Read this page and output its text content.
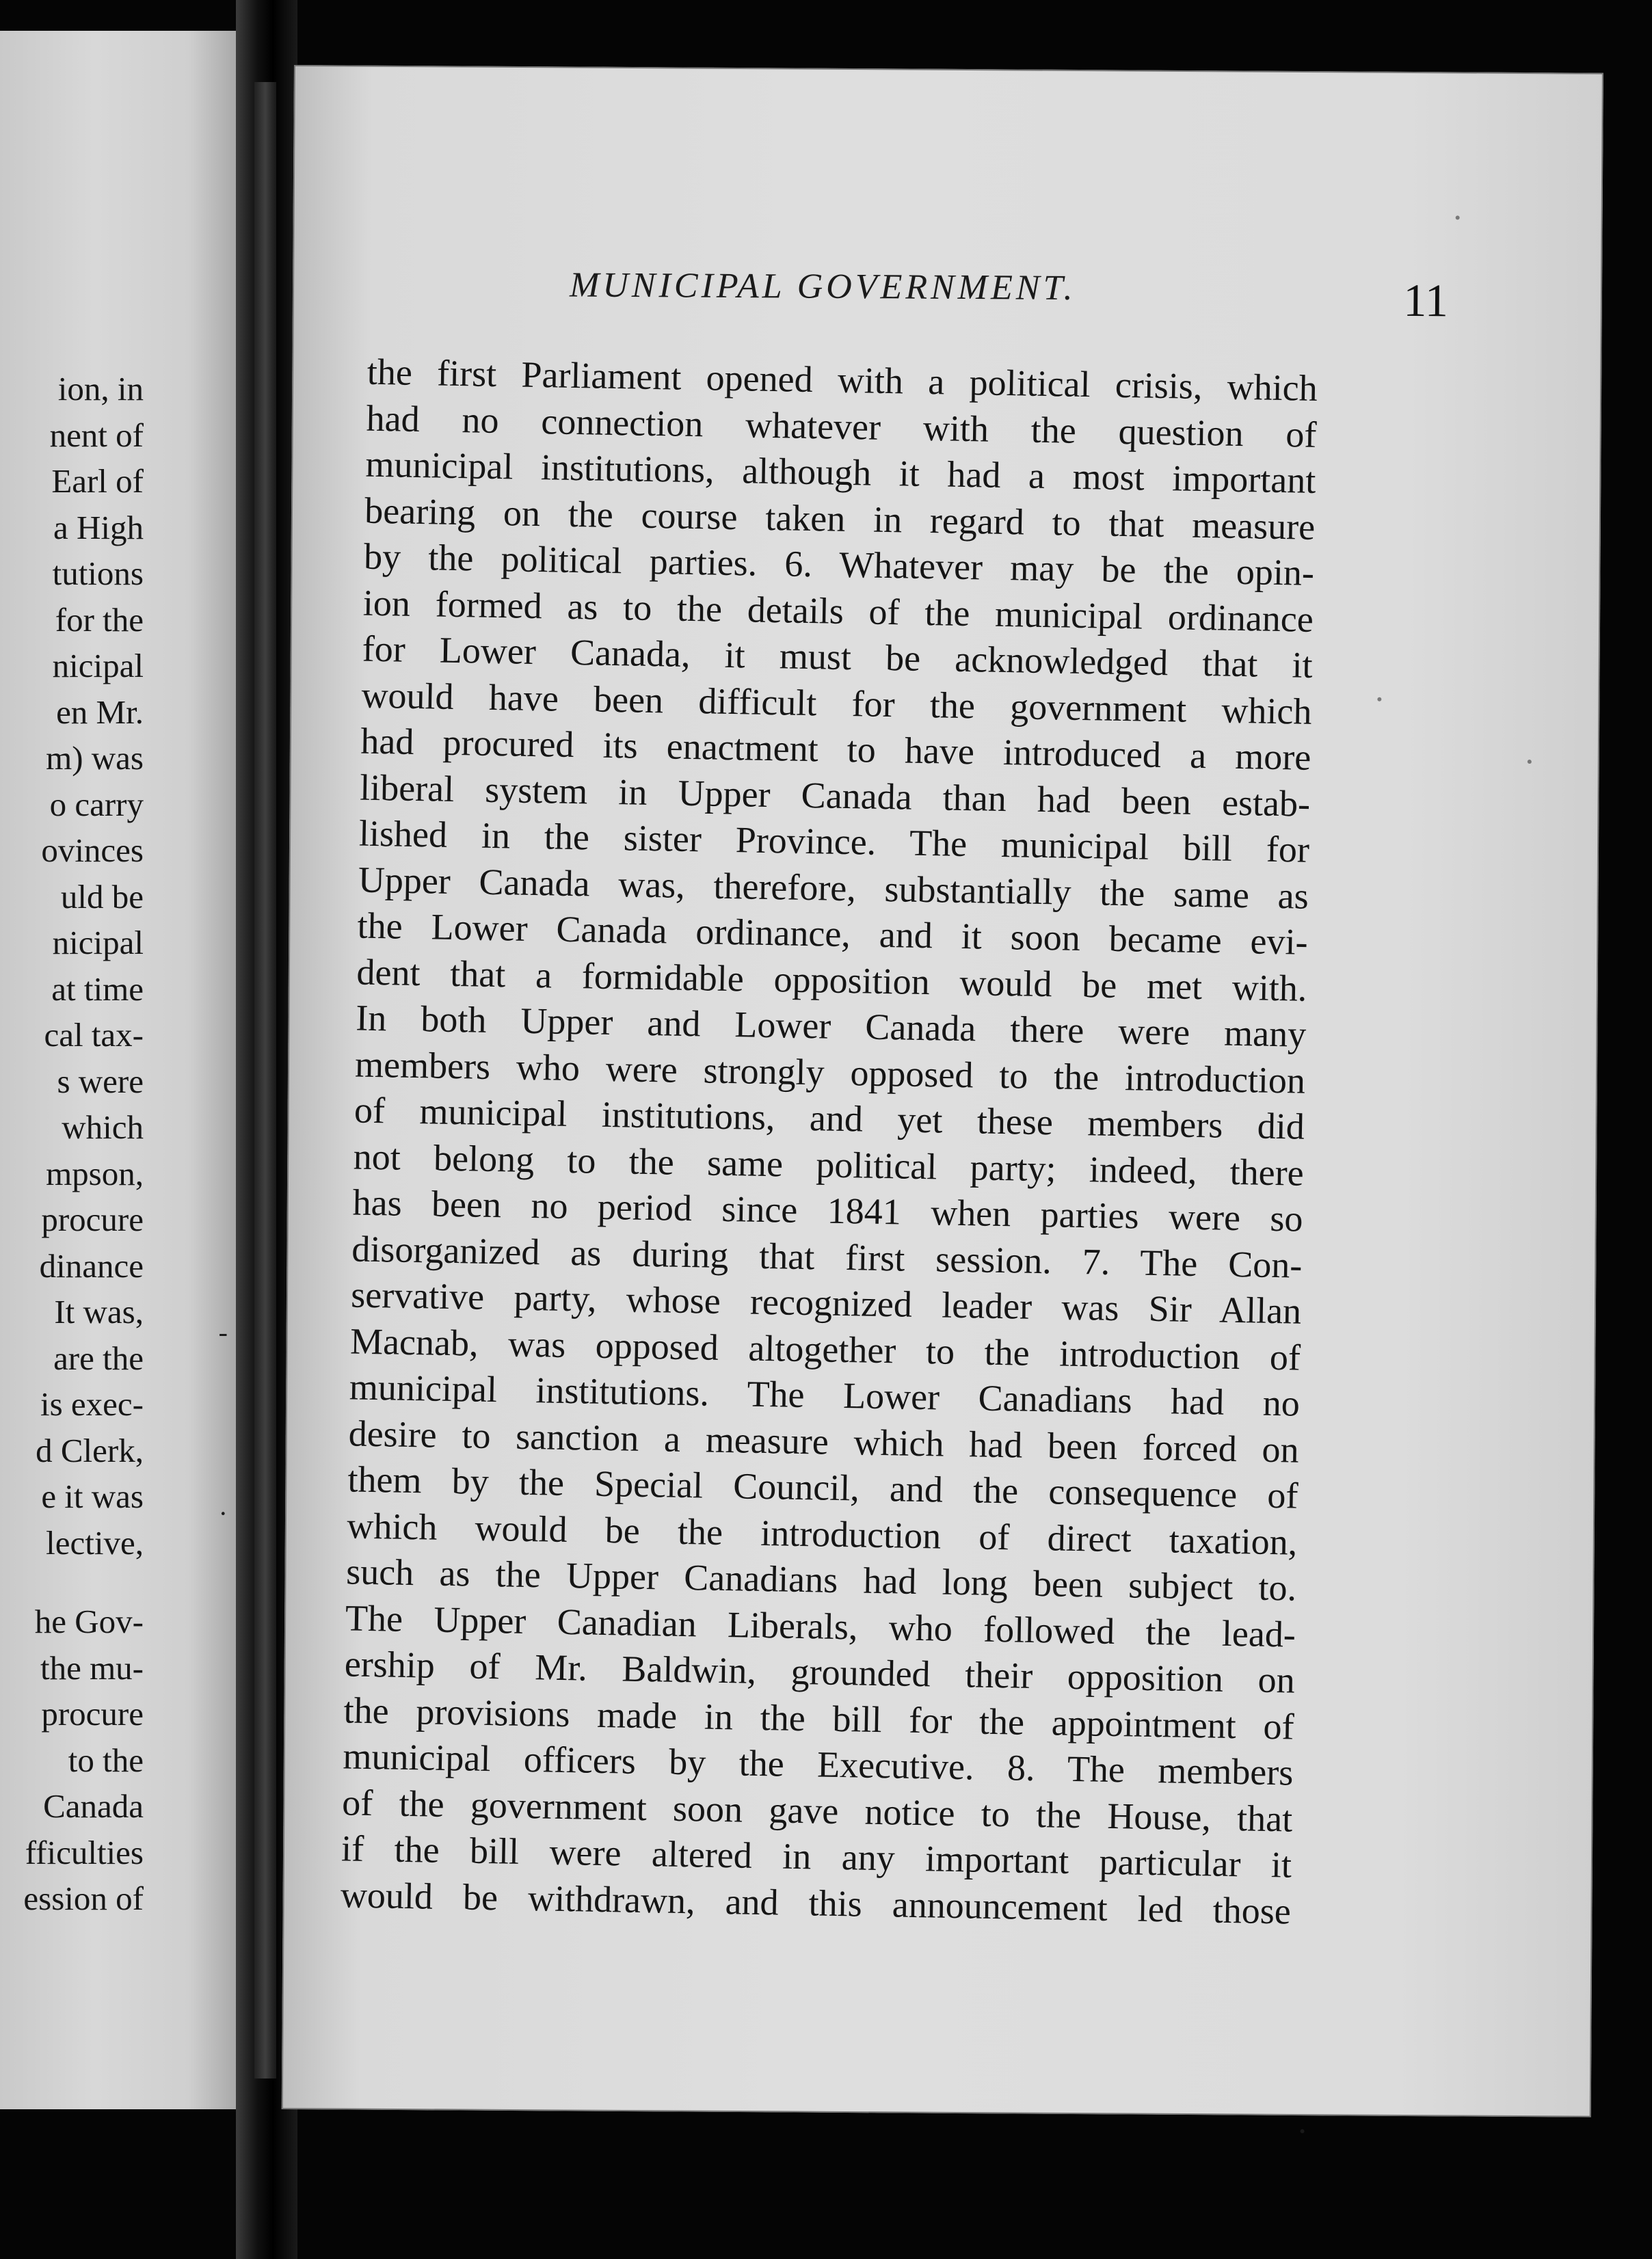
ion, in
nent of
Earl of
a High
tutions
for the
nicipal
en Mr.
m) was
o carry
ovinces
uld be
nicipal
at time
cal tax-
s were
which
mpson,
procure
dinance
It was,
are the
is exec-
d Clerk,
e it was
lective,
he Gov-
the mu-
procure
to the
Canada
fficulties
ession of
-
·
MUNICIPAL GOVERNMENT.	11
the first Parliament opened with a political crisis, which
had no connection whatever with the question of
municipal institutions, although it had a most important
bearing on the course taken in regard to that measure
by the political parties. 6. Whatever may be the opin-
ion formed as to the details of the municipal ordinance
for Lower Canada, it must be acknowledged that it
would have been difficult for the government which
had procured its enactment to have introduced a more
liberal system in Upper Canada than had been estab-
lished in the sister Province. The municipal bill for
Upper Canada was, therefore, substantially the same as
the Lower Canada ordinance, and it soon became evi-
dent that a formidable opposition would be met with.
In both Upper and Lower Canada there were many
members who were strongly opposed to the introduction
of municipal institutions, and yet these members did
not belong to the same political party; indeed, there
has been no period since 1841 when parties were so
disorganized as during that first session. 7. The Con-
servative party, whose recognized leader was Sir Allan
Macnab, was opposed altogether to the introduction of
municipal institutions. The Lower Canadians had no
desire to sanction a measure which had been forced on
them by the Special Council, and the consequence of
which would be the introduction of direct taxation,
such as the Upper Canadians had long been subject to.
The Upper Canadian Liberals, who followed the lead-
ership of Mr. Baldwin, grounded their opposition on
the provisions made in the bill for the appointment of
municipal officers by the Executive. 8. The members
of the government soon gave notice to the House, that
if the bill were altered in any important particular it
would be withdrawn, and this announcement led those
